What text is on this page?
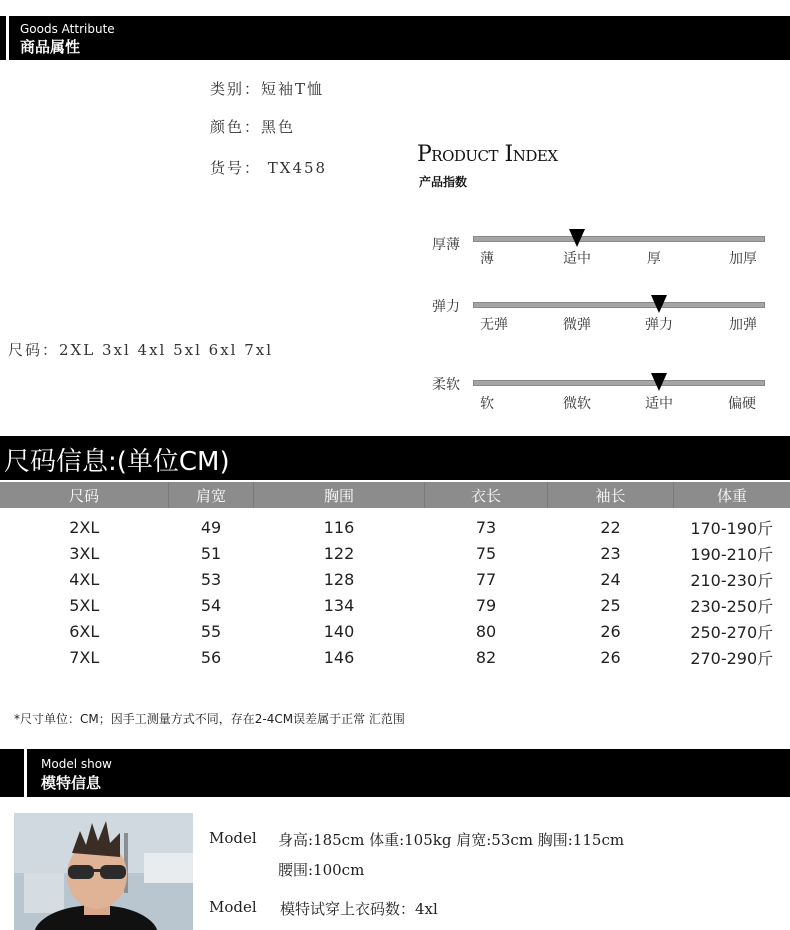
Goods Attribute
商品属性
类别：短袖T恤
颜色：黑色
货号： TX458
尺码：2XL 3xl 4xl 5xl 6xl 7xl
Product Index
产品指数
厚薄
薄	适中	厚	加厚
弹力
无弹	微弹	弹力	加弹
柔软
软	微软	适中	偏硬
尺码信息:(单位CM)
尺码	肩宽	胸围	衣长	袖长	体重
2XL	49	116	73	22	170-190斤
3XL	51	122	75	23	190-210斤
4XL	53	128	77	24	210-230斤
5XL	54	134	79	25	230-250斤
6XL	55	140	80	26	250-270斤
7XL	56	146	82	26	270-290斤
*尺寸单位：CM；因手工测量方式不同，存在2-4CM误差属于正常 汇范围
Model show
模特信息
Model 身高:185cm 体重:105kg 肩宽:53cm 胸围:115cm
腰围:100cm
Model 模特试穿上衣码数：4xl
